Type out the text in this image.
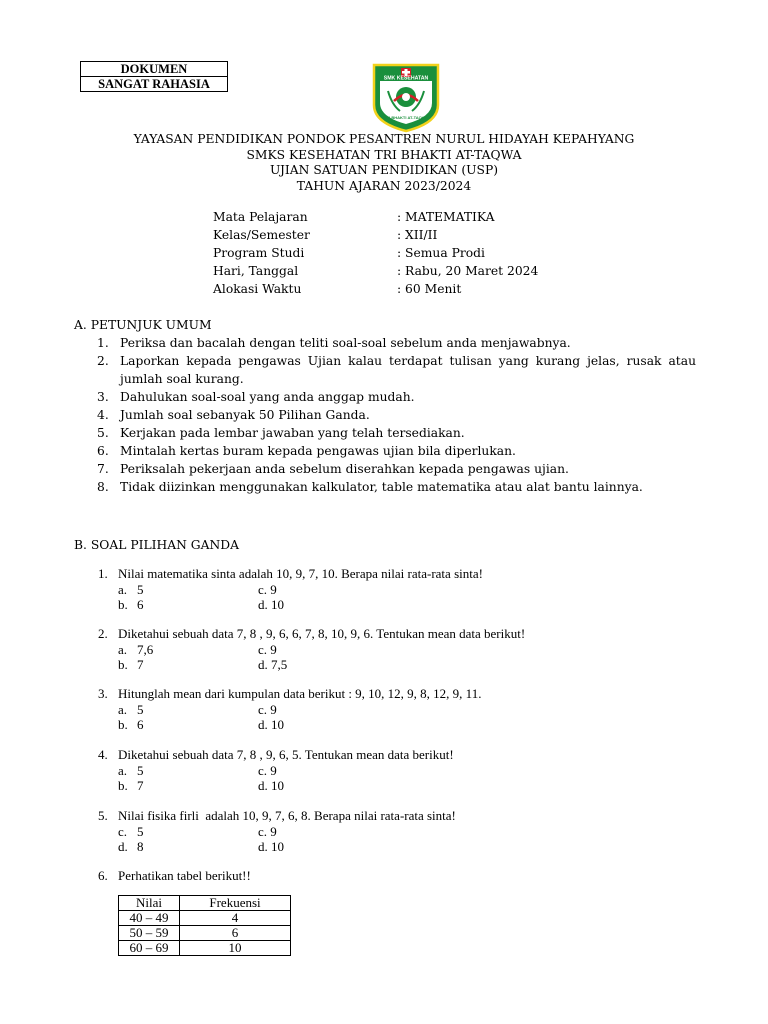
DOKUMEN
SANGAT RAHASIA	SMK KESEHATAN
TRI BHAKTI AT-TAQWA
YAYASAN PENDIDIKAN PONDOK PESANTREN NURUL HIDAYAH KEPAHYANG
SMKS KESEHATAN TRI BHAKTI AT-TAQWA
UJIAN SATUAN PENDIDIKAN (USP)
TAHUN AJARAN 2023/2024
Mata Pelajaran	: MATEMATIKA
Kelas/Semester	: XII/II
Program Studi	: Semua Prodi
Hari, Tanggal	: Rabu, 20 Maret 2024
Alokasi Waktu	: 60 Menit
A. PETUNJUK UMUM
1. Periksa dan bacalah dengan teliti soal-soal sebelum anda menjawabnya.
2. Laporkan kepada pengawas Ujian kalau terdapat tulisan yang kurang jelas, rusak atau jumlah soal kurang.
3. Dahulukan soal-soal yang anda anggap mudah.
4. Jumlah soal sebanyak 50 Pilihan Ganda.
5. Kerjakan pada lembar jawaban yang telah tersediakan.
6. Mintalah kertas buram kepada pengawas ujian bila diperlukan.
7. Periksalah pekerjaan anda sebelum diserahkan kepada pengawas ujian.
8. Tidak diizinkan menggunakan kalkulator, table matematika atau alat bantu lainnya.
B. SOAL PILIHAN GANDA
1. Nilai matematika sinta adalah 10, 9, 7, 10. Berapa nilai rata-rata sinta!
a. 5	c. 9
b. 6	d. 10
2. Diketahui sebuah data 7, 8 , 9, 6, 6, 7, 8, 10, 9, 6. Tentukan mean data berikut!
a. 7,6	c. 9
b. 7	d. 7,5
3. Hitunglah mean dari kumpulan data berikut : 9, 10, 12, 9, 8, 12, 9, 11.
a. 5	c. 9
b. 6	d. 10
4. Diketahui sebuah data 7, 8 , 9, 6, 5. Tentukan mean data berikut!
a. 5	c. 9
b. 7	d. 10
5. Nilai fisika firli  adalah 10, 9, 7, 6, 8. Berapa nilai rata-rata sinta!
c. 5	c. 9
d. 8	d. 10
6. Perhatikan tabel berikut!!
Nilai	Frekuensi
40 – 49	4
50 – 59	6
60 – 69	10
